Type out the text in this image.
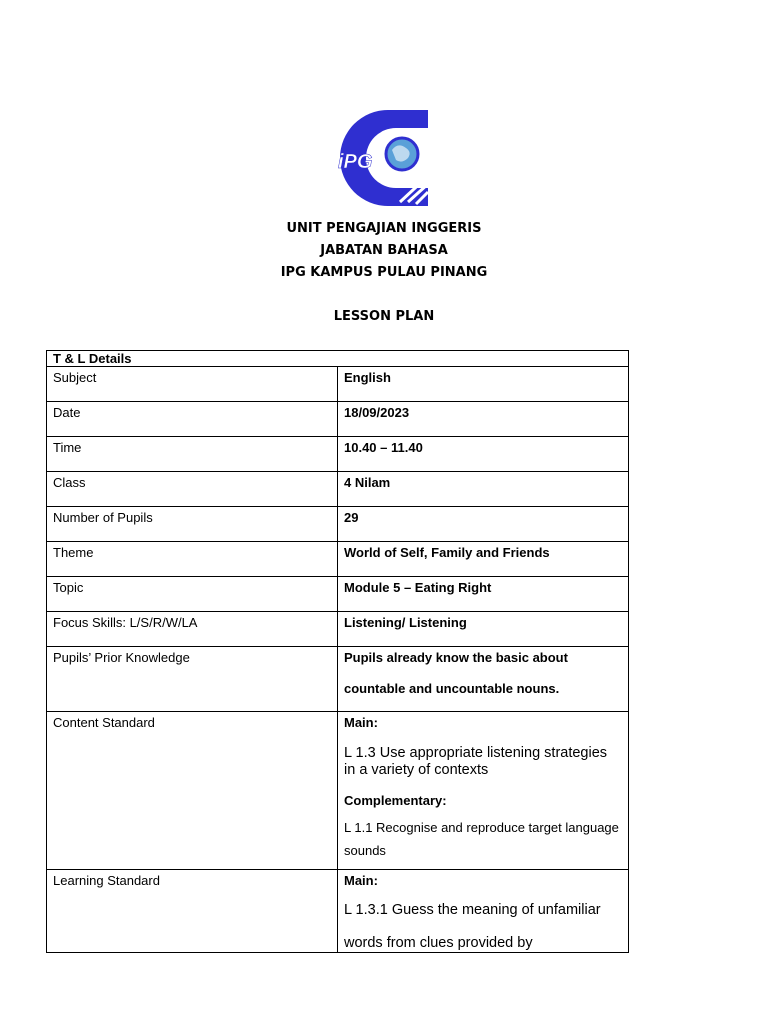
iPG
UNIT PENGAJIAN INGGERIS
JABATAN BAHASA
IPG KAMPUS PULAU PINANG
LESSON PLAN
T & L Details	
Subject	English
Date	18/09/2023
Time	10.40 – 11.40
Class	4 Nilam
Number of Pupils	29
Theme	World of Self, Family and Friends
Topic	Module 5 – Eating Right
Focus Skills: L/S/R/W/LA	Listening/ Listening
Pupils’ Prior Knowledge	Pupils already know the basic about
countable and uncountable nouns.

Content Standard	Main:
L 1.3 Use appropriate listening strategies in a variety of contexts
Complementary:
L 1.1 Recognise and reproduce target language sounds

Learning Standard	Main:
L 1.3.1 Guess the meaning of unfamiliar
words from clues provided by
